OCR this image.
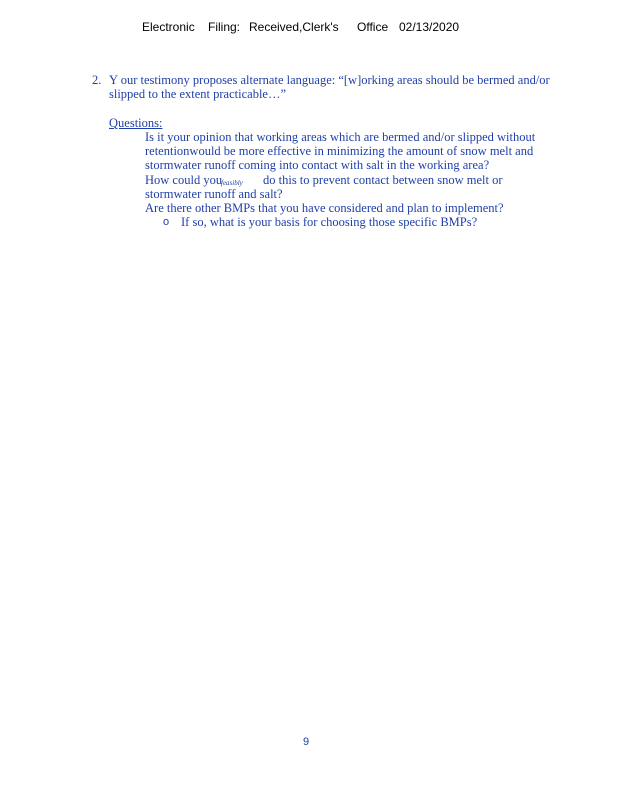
Electronic Filing: Received,Clerk's Office 02/13/2020
2. Y our testimony proposes alternate language: “[w]orking areas should be bermed and/or
slipped to the extent practicable…”
Questions:
Is it your opinion that working areas which are bermed and/or slipped without
retentionwould be more effective in minimizing the amount of snow melt and
stormwater runoff coming into contact with salt in the working area?
How could you
feasibly do this to prevent contact between snow melt or
stormwater runoff and salt?
Are there other BMPs that you have considered and plan to implement?
o If so, what is your basis for choosing those specific BMPs?
9
